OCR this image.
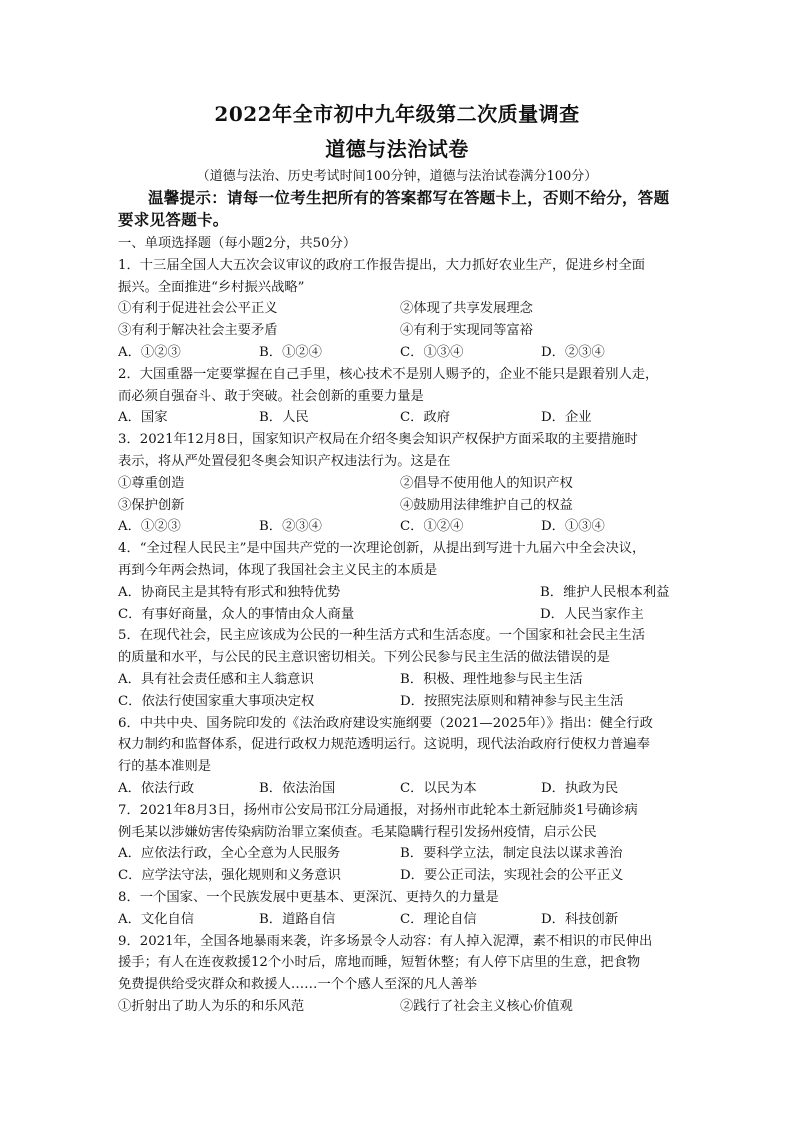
2022年全市初中九年级第二次质量调查
道德与法治试卷
（道德与法治、历史考试时间100分钟，道德与法治试卷满分100分）
温馨提示：请每一位考生把所有的答案都写在答题卡上，否则不给分，答题要求见答题卡。
一、单项选择题（每小题2分，共50分）
1．十三届全国人大五次会议审议的政府工作报告提出，大力抓好农业生产，促进乡村全面
振兴。全面推进“乡村振兴战略”
①有利于促进社会公平正义	②体现了共享发展理念
③有利于解决社会主要矛盾	④有利于实现同等富裕
A．①②③	B．①②④	C．①③④	D．②③④
2．大国重器一定要掌握在自己手里，核心技术不是别人赐予的，企业不能只是跟着别人走，
而必须自强奋斗、敢于突破。社会创新的重要力量是
A．国家	B．人民	C．政府	D．企业
3．2021年12月8日，国家知识产权局在介绍冬奥会知识产权保护方面采取的主要措施时
表示，将从严处置侵犯冬奥会知识产权违法行为。这是在
①尊重创造	②倡导不使用他人的知识产权
③保护创新	④鼓励用法律维护自己的权益
A．①②③	B．②③④	C．①②④	D．①③④
4．“全过程人民民主”是中国共产党的一次理论创新，从提出到写进十九届六中全会决议，
再到今年两会热词，体现了我国社会主义民主的本质是
A．协商民主是其特有形式和独特优势	B．维护人民根本利益
C．有事好商量，众人的事情由众人商量	D．人民当家作主
5．在现代社会，民主应该成为公民的一种生活方式和生活态度。一个国家和社会民主生活
的质量和水平，与公民的民主意识密切相关。下列公民参与民主生活的做法错误的是
A．具有社会责任感和主人翁意识	B．积极、理性地参与民主生活
C．依法行使国家重大事项决定权	D．按照宪法原则和精神参与民主生活
6．中共中央、国务院印发的《法治政府建设实施纲要（2021—2025年）》指出：健全行政
权力制约和监督体系，促进行政权力规范透明运行。这说明，现代法治政府行使权力普遍奉
行的基本准则是
A．依法行政	B．依法治国	C．以民为本	D．执政为民
7．2021年8月3日，扬州市公安局邗江分局通报，对扬州市此轮本土新冠肺炎1号确诊病
例毛某以涉嫌妨害传染病防治罪立案侦查。毛某隐瞒行程引发扬州疫情，启示公民
A．应依法行政，全心全意为人民服务	B．要科学立法，制定良法以谋求善治
C．应学法守法，强化规则和义务意识	D．要公正司法，实现社会的公平正义
8．一个国家、一个民族发展中更基本、更深沉、更持久的力量是
A．文化自信	B．道路自信	C．理论自信	D．科技创新
9．2021年，全国各地暴雨来袭，许多场景令人动容：有人掉入泥潭，素不相识的市民伸出
援手；有人在连夜救援12个小时后，席地而睡，短暂休整；有人停下店里的生意，把食物
免费提供给受灾群众和救援人……一个个感人至深的凡人善举
①折射出了助人为乐的和乐风范	②践行了社会主义核心价值观
